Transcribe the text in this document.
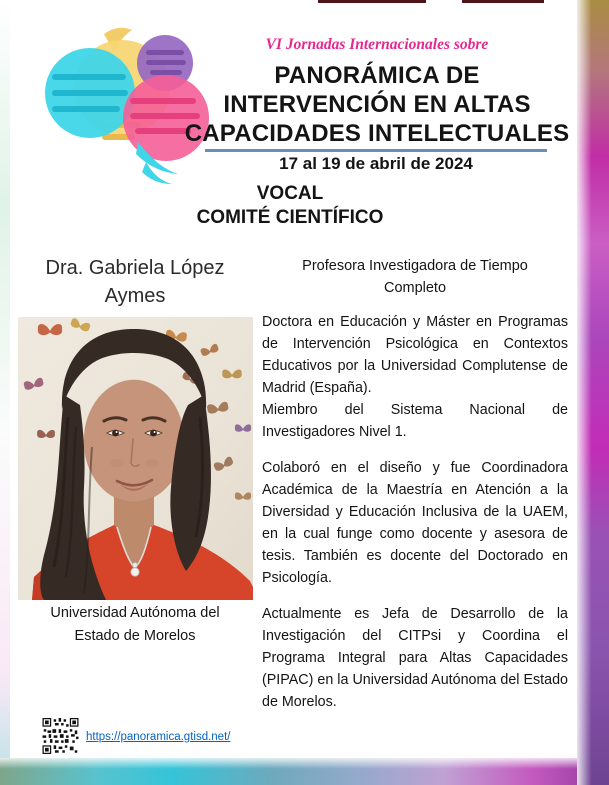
VI Jornadas Internacionales sobre
PANORÁMICA DE
INTERVENCIÓN EN ALTAS
CAPACIDADES INTELECTUALES
17 al 19 de abril de 2024
VOCAL
COMITÉ CIENTÍFICO
Dra. Gabriela López Aymes
Universidad Autónoma del Estado de Morelos
https://panoramica.gtisd.net/
Profesora Investigadora de Tiempo Completo

Doctora en Educación y Máster en Programas de Intervención Psicológica en Contextos Educativos por la Universidad Complutense de Madrid (España).

Miembro del Sistema Nacional de Investigadores Nivel 1.

Colaboró en el diseño y fue Coordinadora Académica de la Maestría en Atención a la Diversidad y Educación Inclusiva de la UAEM, en la cual funge como docente y asesora de tesis. También es docente del Doctorado en Psicología.

Actualmente es Jefa de Desarrollo de la Investigación del CITPsi y Coordina el Programa Integral para Altas Capacidades (PIPAC) en la Universidad Autónoma del Estado de Morelos.
